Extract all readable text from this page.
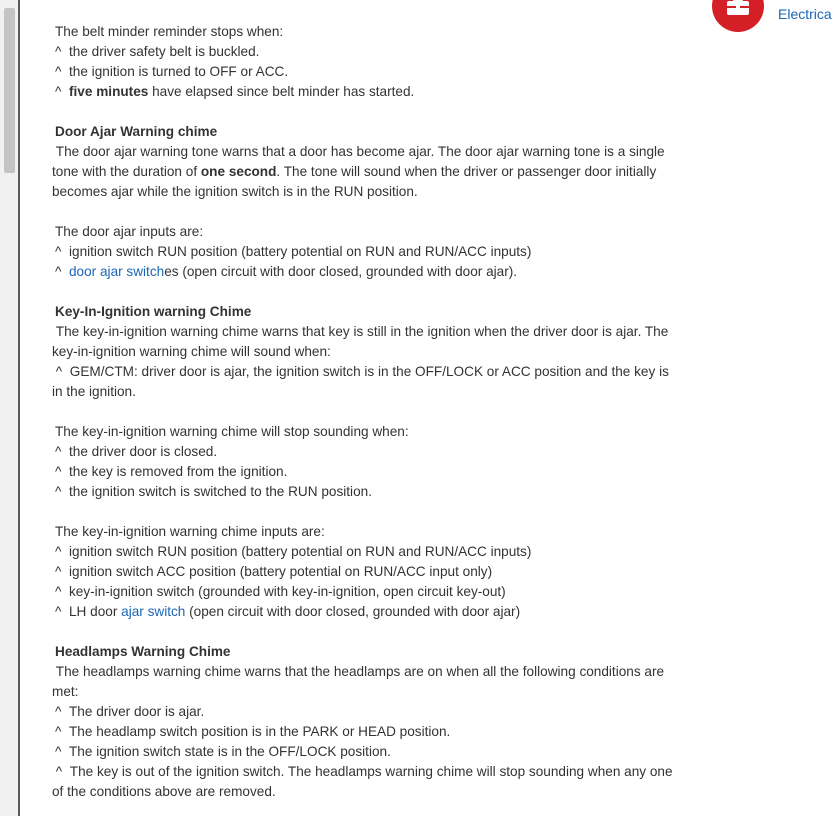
Electrica

The belt minder reminder stops when:

^ the driver safety belt is buckled.

^ the ignition is turned to OFF or ACC.

^ five minutes have elapsed since belt minder has started.

Door Ajar Warning chime

The door ajar warning tone warns that a door has become ajar. The door ajar warning tone is a single tone with the duration of one second. The tone will sound when the driver or passenger door initially becomes ajar while the ignition switch is in the RUN position.

The door ajar inputs are:

^ ignition switch RUN position (battery potential on RUN and RUN/ACC inputs)

^ door ajar switches (open circuit with door closed, grounded with door ajar).

Key-In-Ignition warning Chime

The key-in-ignition warning chime warns that key is still in the ignition when the driver door is ajar. The key-in-ignition warning chime will sound when:

^ GEM/CTM: driver door is ajar, the ignition switch is in the OFF/LOCK or ACC position and the key is in the ignition.

The key-in-ignition warning chime will stop sounding when:

^ the driver door is closed.

^ the key is removed from the ignition.

^ the ignition switch is switched to the RUN position.

The key-in-ignition warning chime inputs are:

^ ignition switch RUN position (battery potential on RUN and RUN/ACC inputs)

^ ignition switch ACC position (battery potential on RUN/ACC input only)

^ key-in-ignition switch (grounded with key-in-ignition, open circuit key-out)

^ LH door ajar switch (open circuit with door closed, grounded with door ajar)

Headlamps Warning Chime

The headlamps warning chime warns that the headlamps are on when all the following conditions are met:

^ The driver door is ajar.

^ The headlamp switch position is in the PARK or HEAD position.

^ The ignition switch state is in the OFF/LOCK position.

^ The key is out of the ignition switch. The headlamps warning chime will stop sounding when any one of the conditions above are removed.
